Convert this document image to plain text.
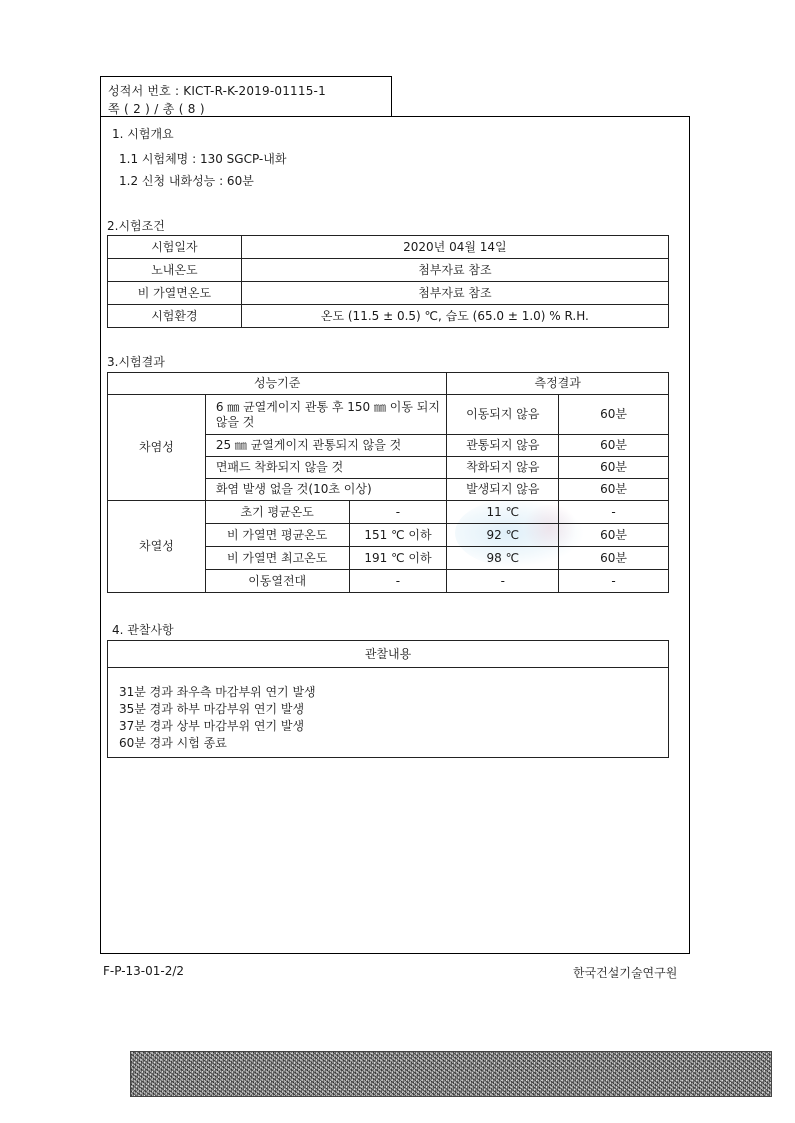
성적서 번호 : KICT-R-K-2019-01115-1
쪽 ( 2 ) / 총 ( 8 )
1. 시험개요
1.1 시험체명 : 130 SGCP-내화
1.2 신청 내화성능 : 60분
2.시험조건
시험일자	2020년 04월 14일
노내온도	첨부자료 참조
비 가열면온도	첨부자료 참조
시험환경	온도 (11.5 ± 0.5) ℃, 습도 (65.0 ± 1.0) % R.H.
3.시험결과
성능기준			측정결과	
차염성	6 ㎜ 균열게이지 관통 후 150 ㎜ 이동 되지 않을 것		이동되지 않음	60분
	25 ㎜ 균열게이지 관통되지 않을 것		관통되지 않음	60분
	면패드 착화되지 않을 것		착화되지 않음	60분
	화염 발생 없을 것(10초 이상)		발생되지 않음	60분
차열성	초기 평균온도	-	11 ℃	-
	비 가열면 평균온도	151 ℃ 이하	92 ℃	60분
	비 가열면 최고온도	191 ℃ 이하	98 ℃	60분
	이동열전대	-	-	-
4. 관찰사항
관찰내용
31분 경과 좌우측 마감부위 연기 발생
35분 경과 하부 마감부위 연기 발생
37분 경과 상부 마감부위 연기 발생
60분 경과 시험 종료
F-P-13-01-2/2	한국건설기술연구원
